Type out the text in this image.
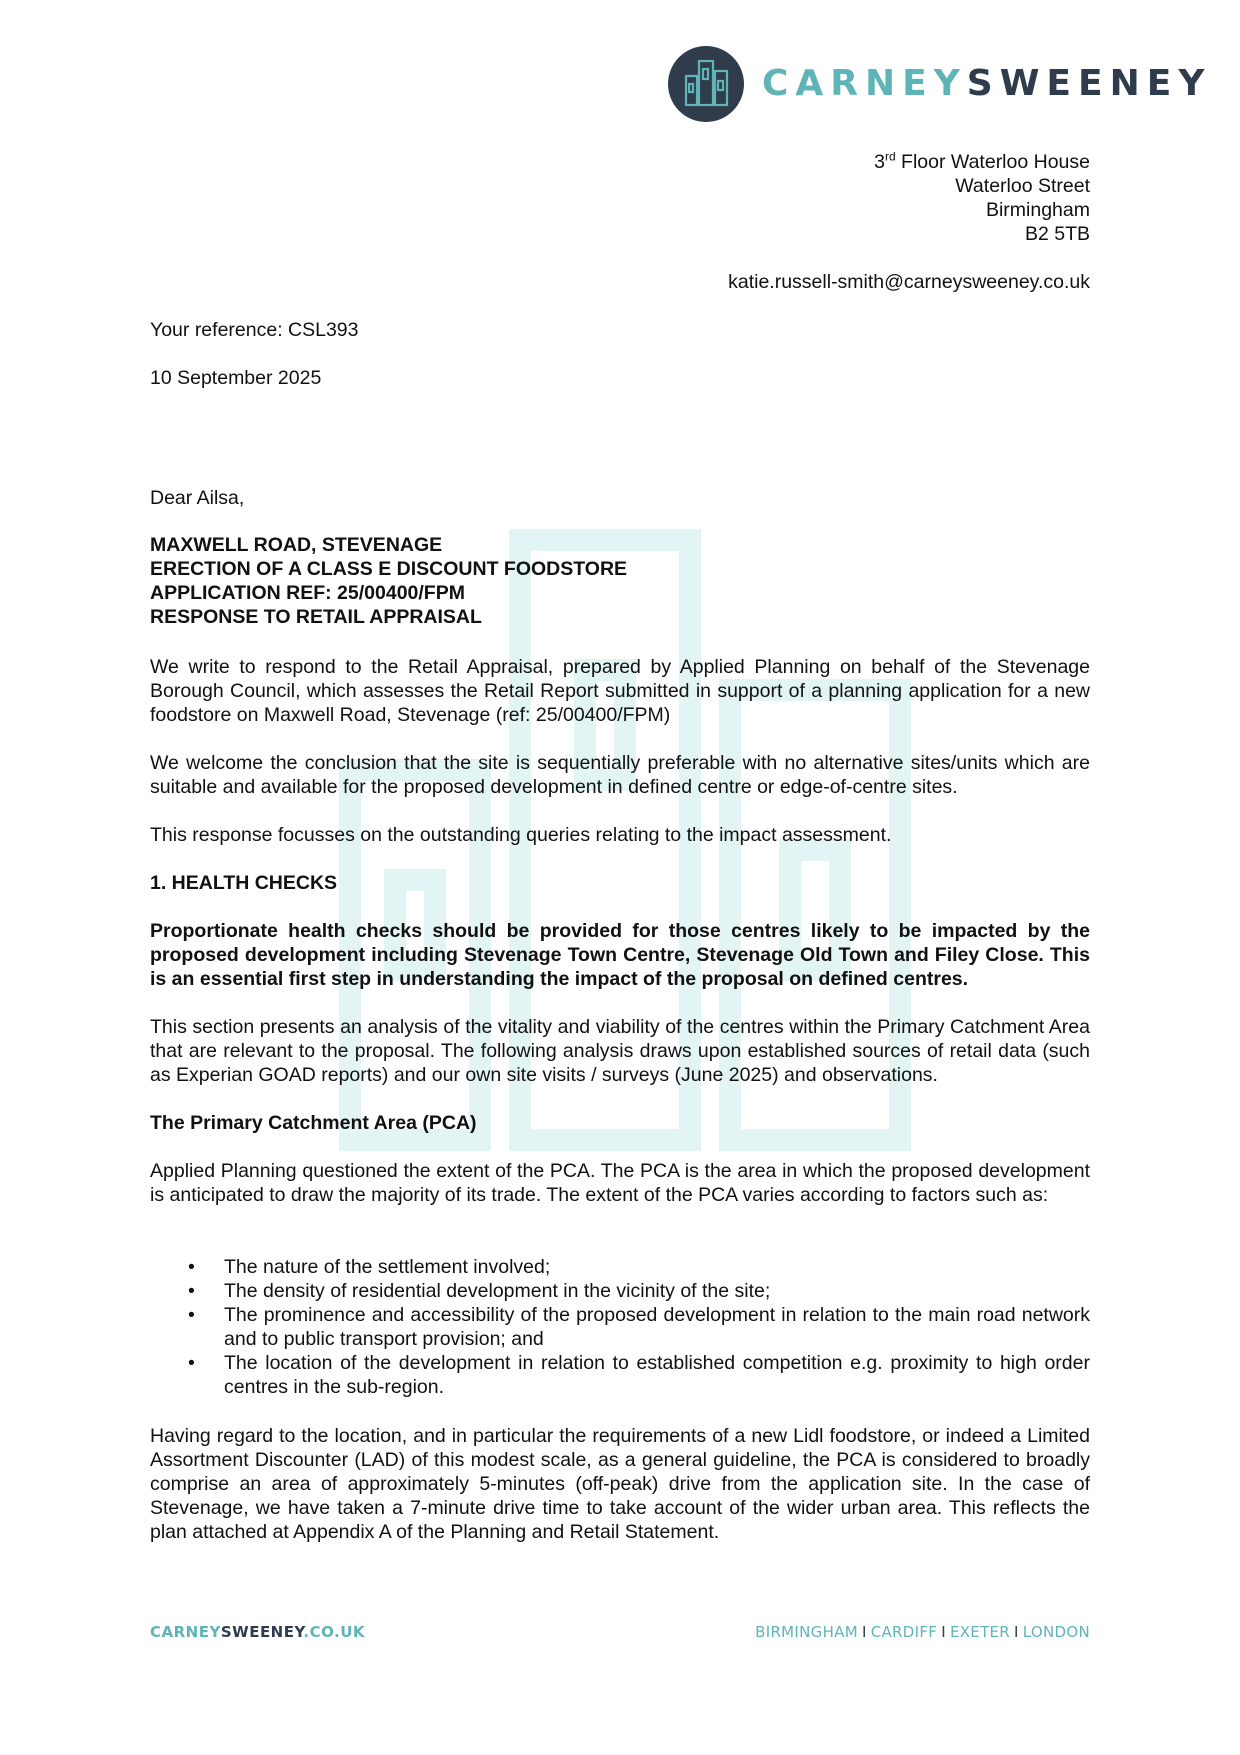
CARNEYSWEENEY
3rd Floor Waterloo House
Waterloo Street
Birmingham
B2 5TB
katie.russell-smith@carneysweeney.co.uk
Your reference: CSL393
10 September 2025
Dear Ailsa,
MAXWELL ROAD, STEVENAGE
ERECTION OF A CLASS E DISCOUNT FOODSTORE
APPLICATION REF: 25/00400/FPM
RESPONSE TO RETAIL APPRAISAL

We write to respond to the Retail Appraisal, prepared by Applied Planning on behalf of the Stevenage Borough Council, which assesses the Retail Report submitted in support of a planning application for a new foodstore on Maxwell Road, Stevenage (ref: 25/00400/FPM)

We welcome the conclusion that the site is sequentially preferable with no alternative sites/units which are suitable and available for the proposed development in defined centre or edge-of-centre sites.

This response focusses on the outstanding queries relating to the impact assessment.

1. HEALTH CHECKS

Proportionate health checks should be provided for those centres likely to be impacted by the proposed development including Stevenage Town Centre, Stevenage Old Town and Filey Close. This is an essential first step in understanding the impact of the proposal on defined centres.

This section presents an analysis of the vitality and viability of the centres within the Primary Catchment Area that are relevant to the proposal. The following analysis draws upon established sources of retail data (such as Experian GOAD reports) and our own site visits / surveys (June 2025) and observations.

The Primary Catchment Area (PCA)

Applied Planning questioned the extent of the PCA. The PCA is the area in which the proposed development is anticipated to draw the majority of its trade. The extent of the PCA varies according to factors such as:

• The nature of the settlement involved;
• The density of residential development in the vicinity of the site;
• The prominence and accessibility of the proposed development in relation to the main road network and to public transport provision; and
• The location of the development in relation to established competition e.g. proximity to high order centres in the sub-region.

Having regard to the location, and in particular the requirements of a new Lidl foodstore, or indeed a Limited Assortment Discounter (LAD) of this modest scale, as a general guideline, the PCA is considered to broadly comprise an area of approximately 5-minutes (off-peak) drive from the application site. In the case of Stevenage, we have taken a 7-minute drive time to take account of the wider urban area. This reflects the plan attached at Appendix A of the Planning and Retail Statement.

CARNEYSWEENEY.CO.UK	BIRMINGHAM I CARDIFF I EXETER I LONDON
